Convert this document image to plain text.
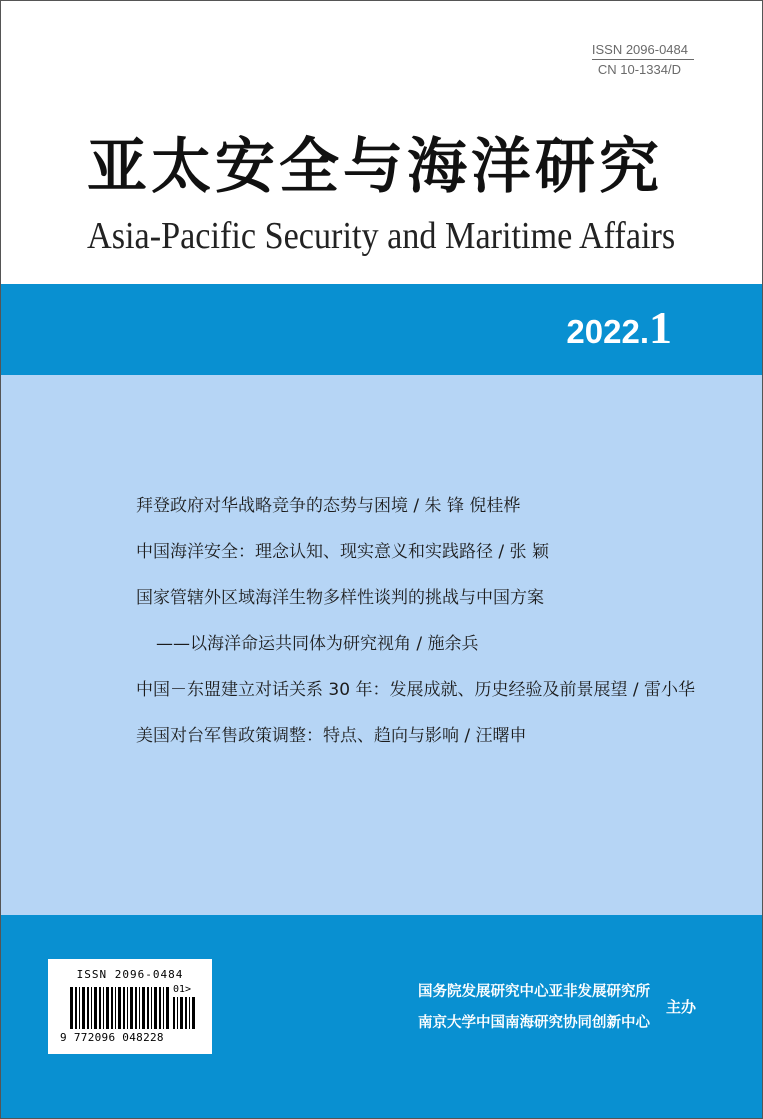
ISSN 2096-0484
CN 10-1334/D
亚太安全与海洋研究
Asia-Pacific Security and Maritime Affairs
2022.1
拜登政府对华战略竞争的态势与困境 / 朱 锋 倪桂桦
中国海洋安全：理念认知、现实意义和实践路径 / 张 颖
国家管辖外区域海洋生物多样性谈判的挑战与中国方案
——以海洋命运共同体为研究视角 / 施余兵
中国－东盟建立对话关系 30 年：发展成就、历史经验及前景展望 / 雷小华
美国对台军售政策调整：特点、趋向与影响 / 汪曙申
ISSN 2096-0484
01>
9 772096 048228
国务院发展研究中心亚非发展研究所
南京大学中国南海研究协同创新中心
主办
